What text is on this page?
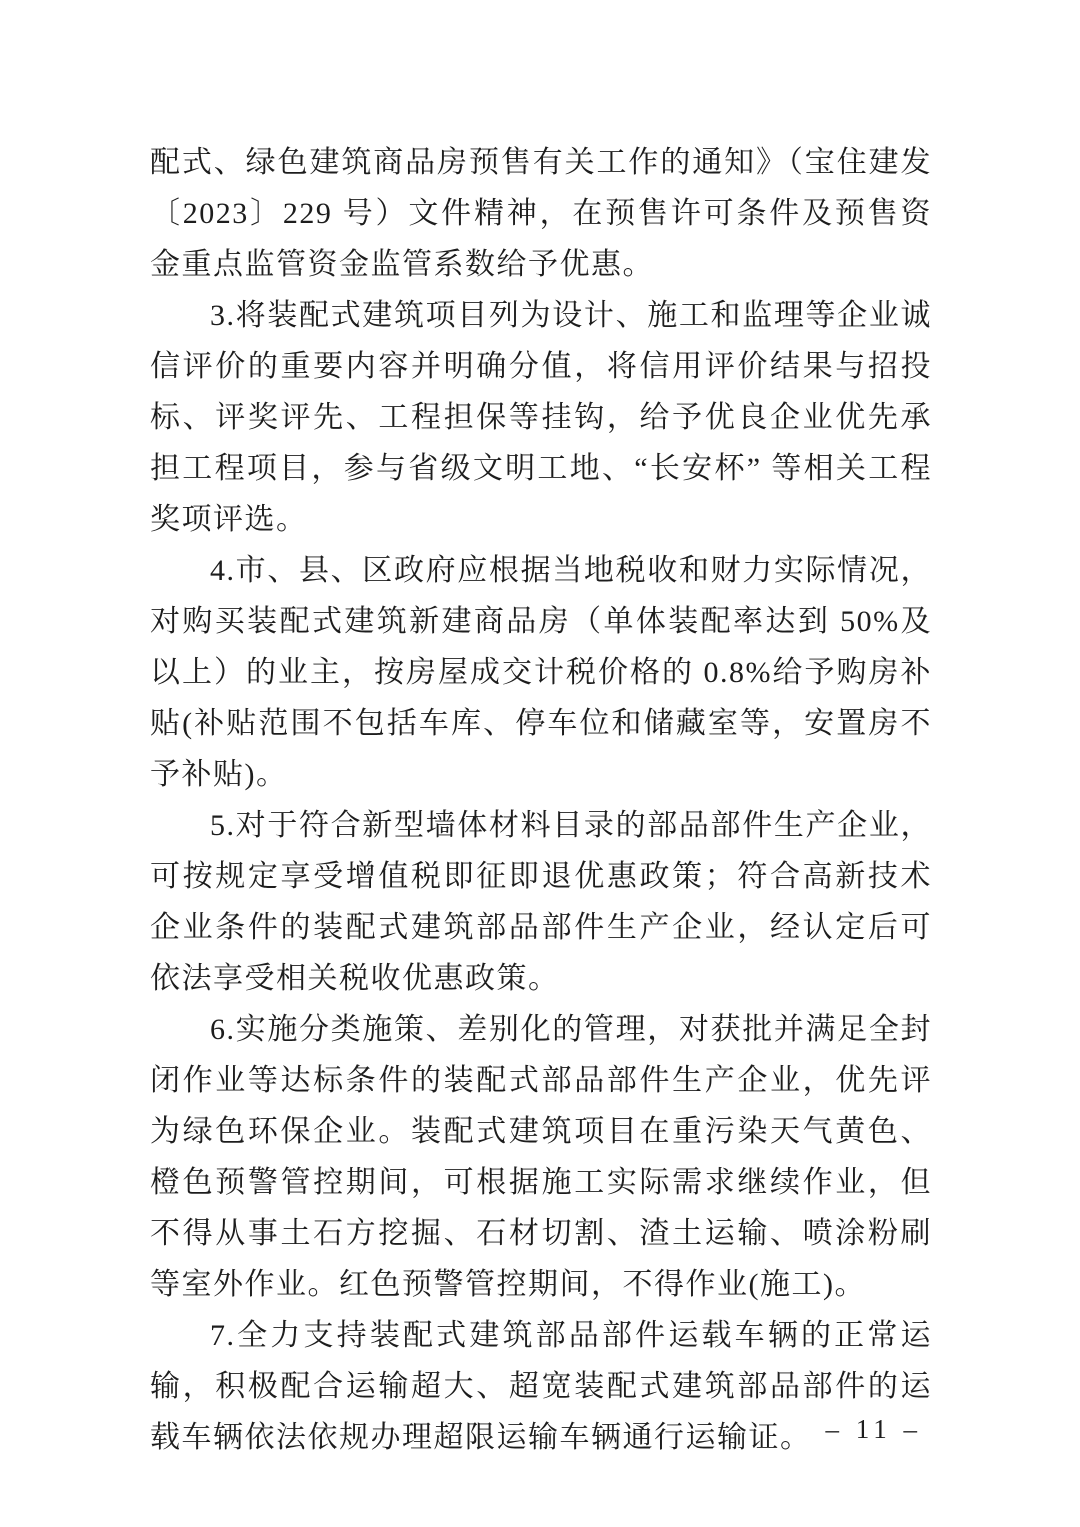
配式、绿色建筑商品房预售有关工作的通知》（宝住建发〔2023〕229 号）文件精神，在预售许可条件及预售资金重点监管资金监管系数给予优惠。

3.将装配式建筑项目列为设计、施工和监理等企业诚信评价的重要内容并明确分值，将信用评价结果与招投标、评奖评先、工程担保等挂钩，给予优良企业优先承担工程项目，参与省级文明工地、“长安杯” 等相关工程奖项评选。

4.市、县、区政府应根据当地税收和财力实际情况，对购买装配式建筑新建商品房（单体装配率达到 50%及以上）的业主，按房屋成交计税价格的 0.8%给予购房补贴(补贴范围不包括车库、停车位和储藏室等，安置房不予补贴)。

5.对于符合新型墙体材料目录的部品部件生产企业，可按规定享受增值税即征即退优惠政策；符合高新技术企业条件的装配式建筑部品部件生产企业，经认定后可依法享受相关税收优惠政策。

6.实施分类施策、差别化的管理，对获批并满足全封闭作业等达标条件的装配式部品部件生产企业，优先评为绿色环保企业。装配式建筑项目在重污染天气黄色、橙色预警管控期间，可根据施工实际需求继续作业，但不得从事土石方挖掘、石材切割、渣土运输、喷涂粉刷等室外作业。红色预警管控期间，不得作业(施工)。

7.全力支持装配式建筑部品部件运载车辆的正常运输，积极配合运输超大、超宽装配式建筑部品部件的运载车辆依法依规办理超限运输车辆通行运输证。 – 11 –
